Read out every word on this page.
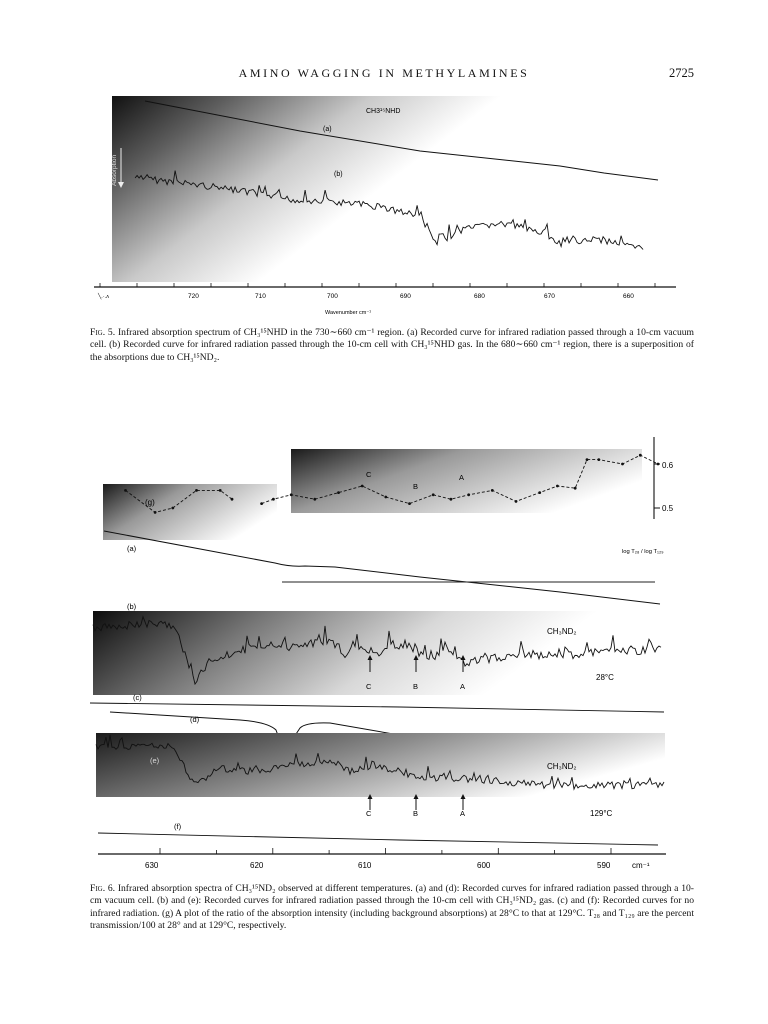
AMINO WAGGING IN METHYLAMINES	2725
Absorption
CH3¹⁵NHD
(a)
(b)
╲.·.ʌ	720	710	700	690	680	670	660
Wavenumber cm⁻¹
0.6
0.5
log T₂₈ / log T₁₂₉
(g)
C
B
A
(a)
(b)
CH₃ND₂
28°C
C	B	A
(c)
(d)
(e)
CH₃ND₂
129°C
C	B	A
(f)
630	620	610	600	590	cm⁻¹
Fig. 5. Infrared absorption spectrum of CH₃¹⁵NHD in the 730∼660 cm⁻¹ region. (a) Recorded curve for infrared radiation passed through a 10-cm vacuum cell. (b) Recorded curve for infrared radiation passed through the 10-cm cell with CH₃¹⁵NHD gas. In the 680∼660 cm⁻¹ region, there is a superposition of the absorptions due to CH₃¹⁵ND₂.
Fig. 6. Infrared absorption spectra of CH₃¹⁵ND₂ observed at different temperatures. (a) and (d): Recorded curves for infrared radiation passed through a 10-cm vacuum cell. (b) and (e): Recorded curves for infrared radiation passed through the 10-cm cell with CH₃¹⁵ND₂ gas. (c) and (f): Recorded curves for no infrared radiation. (g) A plot of the ratio of the absorption intensity (including background absorptions) at 28°C to that at 129°C. T₂₈ and T₁₂₉ are the percent transmission/100 at 28° and at 129°C, respectively.
